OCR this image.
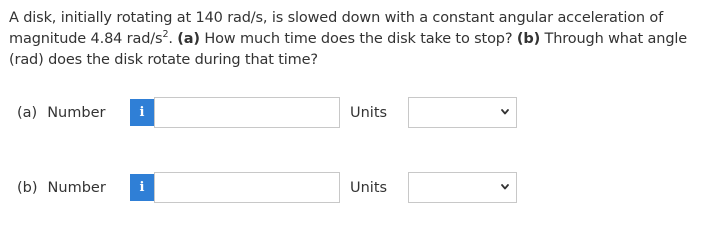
A disk, initially rotating at 140 rad/s, is slowed down with a constant angular acceleration of magnitude 4.84 rad/$s^2$. (a) How much time does the disk take to stop? (b) Through what angle (rad) does the disk rotate during that time?
(a) Number	i	Units
(b) Number	i	Units
